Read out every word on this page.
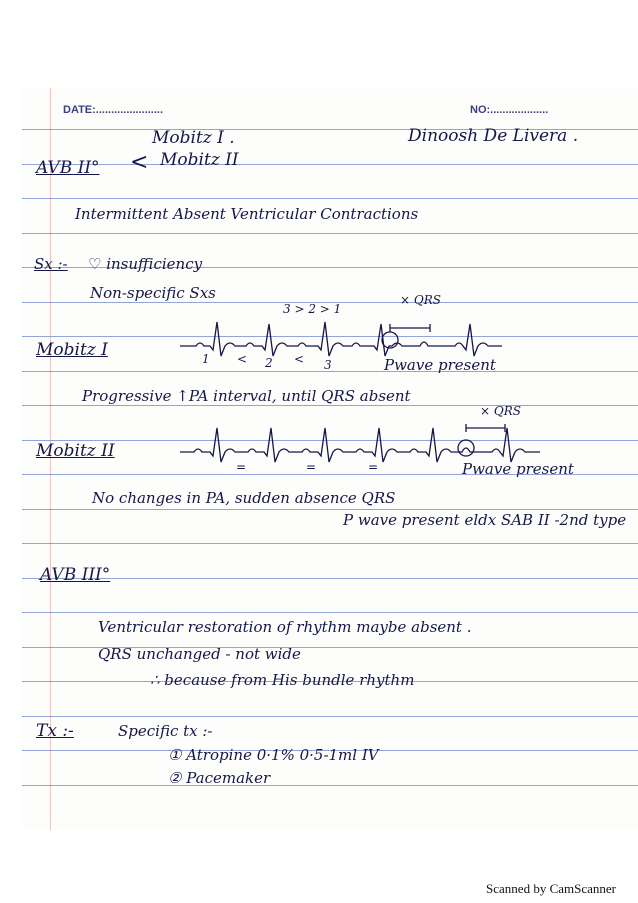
DATE:......................	NO:...................
Mobitz I .	Dinoosh De Livera .
AVB II° < Mobitz II
Intermittent Absent Ventricular Contractions
Sx :- ♡ insufficiency
Non-specific Sxs
3 > 2 > 1
× QRS
Mobitz I	1 < 2 < 3	Pwave present
Progressive ↑PA interval, until QRS absent
× QRS
Mobitz II
=	=	=	Pwave present
No changes in PA, sudden absence QRS
P wave present eldx SAB II -2nd type
AVB III°
Ventricular restoration of rhythm maybe absent .
QRS unchanged - not wide
∴ because from His bundle rhythm
Tx :-	Specific tx :-
① Atropine 0·1% 0·5-1ml IV
② Pacemaker
Scanned by CamScanner
